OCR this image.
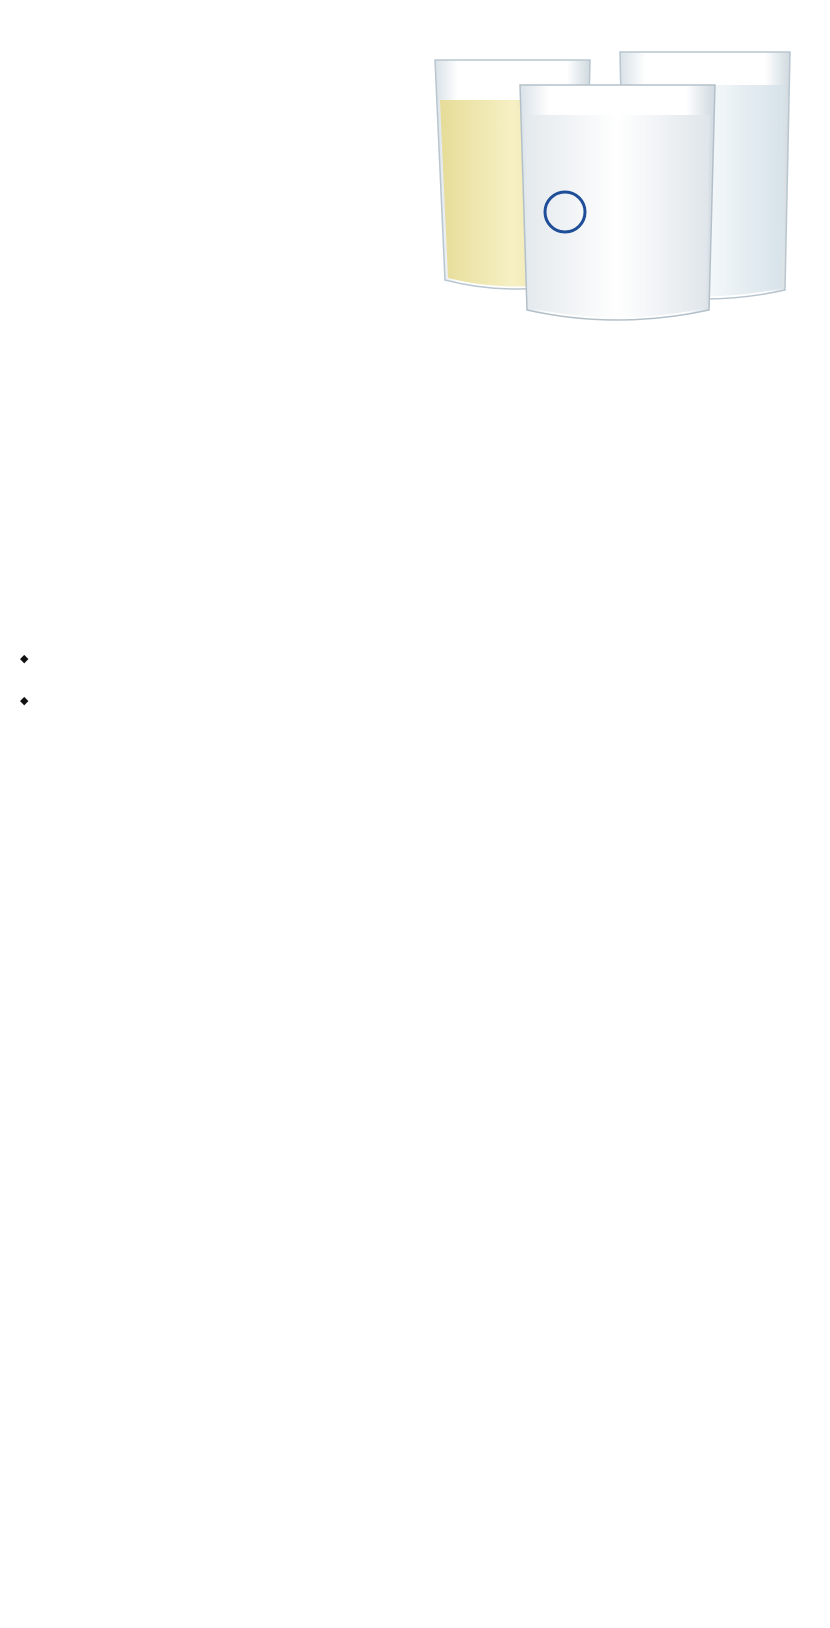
◆
◆
